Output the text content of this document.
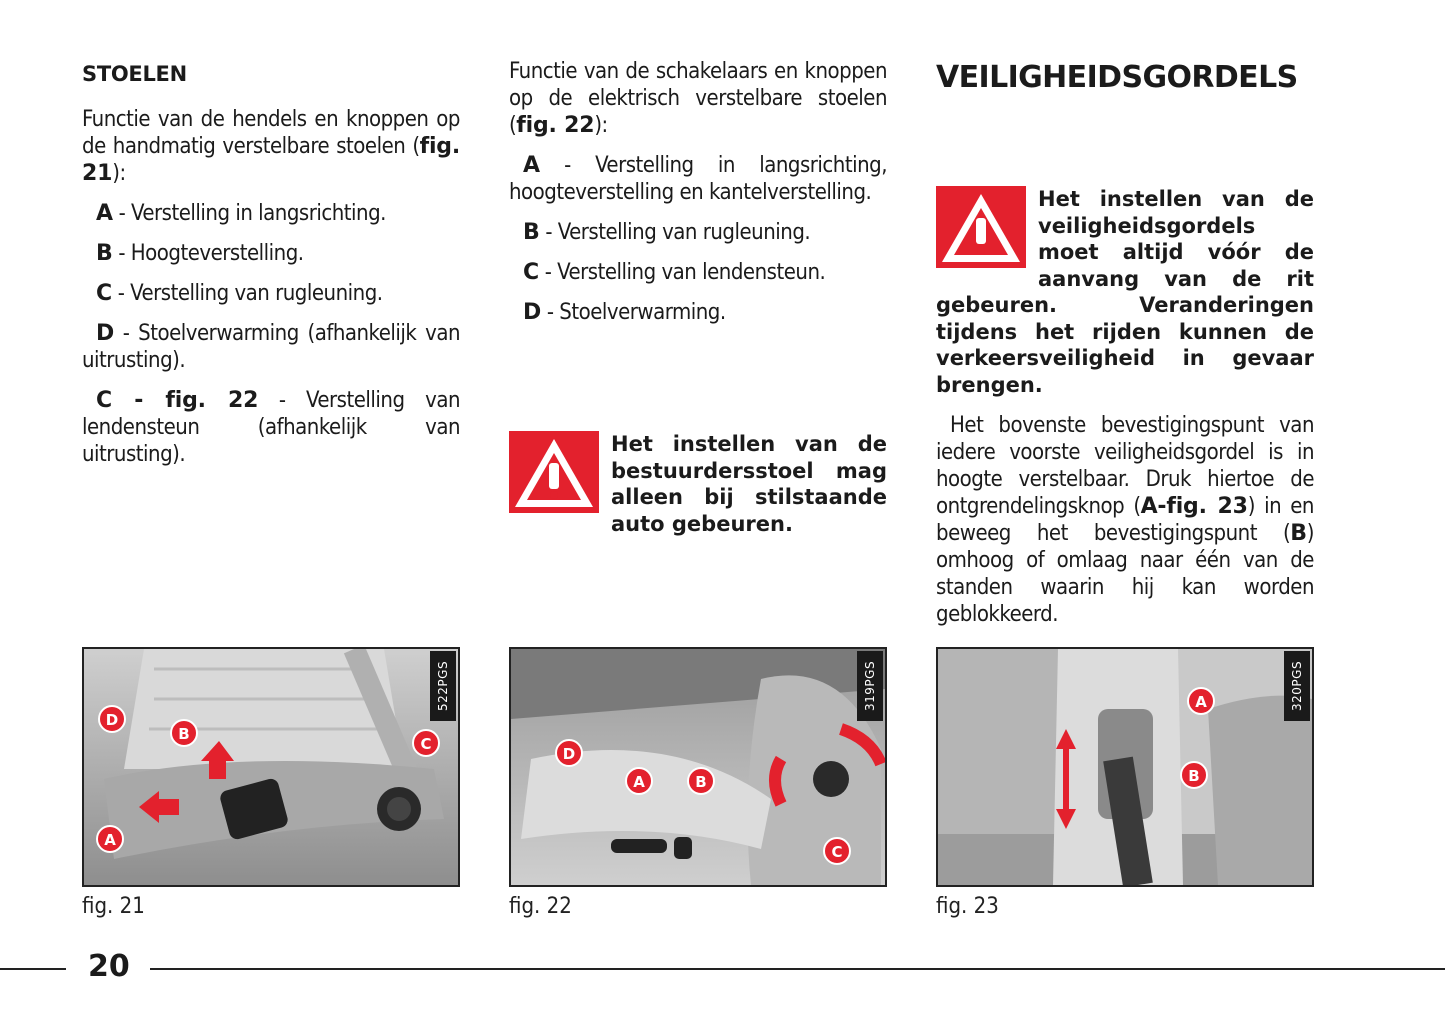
STOELEN

Functie van de hendels en knoppen op de handmatig verstelbare stoelen (fig. 21):

A - Verstelling in langsrichting.

B - Hoogteverstelling.

C - Verstelling van rugleuning.

D - Stoelverwarming (afhankelijk van uitrusting).

C - fig. 22 - Verstelling van lendensteun (afhankelijk van uitrusting).

Functie van de schakelaars en knoppen op de elektrisch verstelbare stoelen (fig. 22):

A - Verstelling in langsrichting, hoogteverstelling en kantelverstelling.

B - Verstelling van rugleuning.

C - Verstelling van lendensteun.

D - Stoelverwarming.

Het instellen van de bestuurdersstoel mag alleen bij stilstaande auto gebeuren.
VEILIGHEIDSGORDELS
Het instellen van de veiligheidsgordels moet altijd vóór de aanvang van de rit gebeuren. Veranderingen tijdens het rijden kunnen de verkeersveiligheid in gevaar brengen.

Het bovenste bevestigingspunt van iedere voorste veiligheidsgordel is in hoogte verstelbaar. Druk hiertoe de ontgrendelingsknop (A-fig. 23) in en beweeg het bevestigingspunt (B) omhoog of omlaag naar één van de standen waarin hij kan worden geblokkeerd.

D
B
C
A
522PGS
fig. 21
D
A	B
C
319PGS
fig. 22
A
B
320PGS
fig. 23
20
